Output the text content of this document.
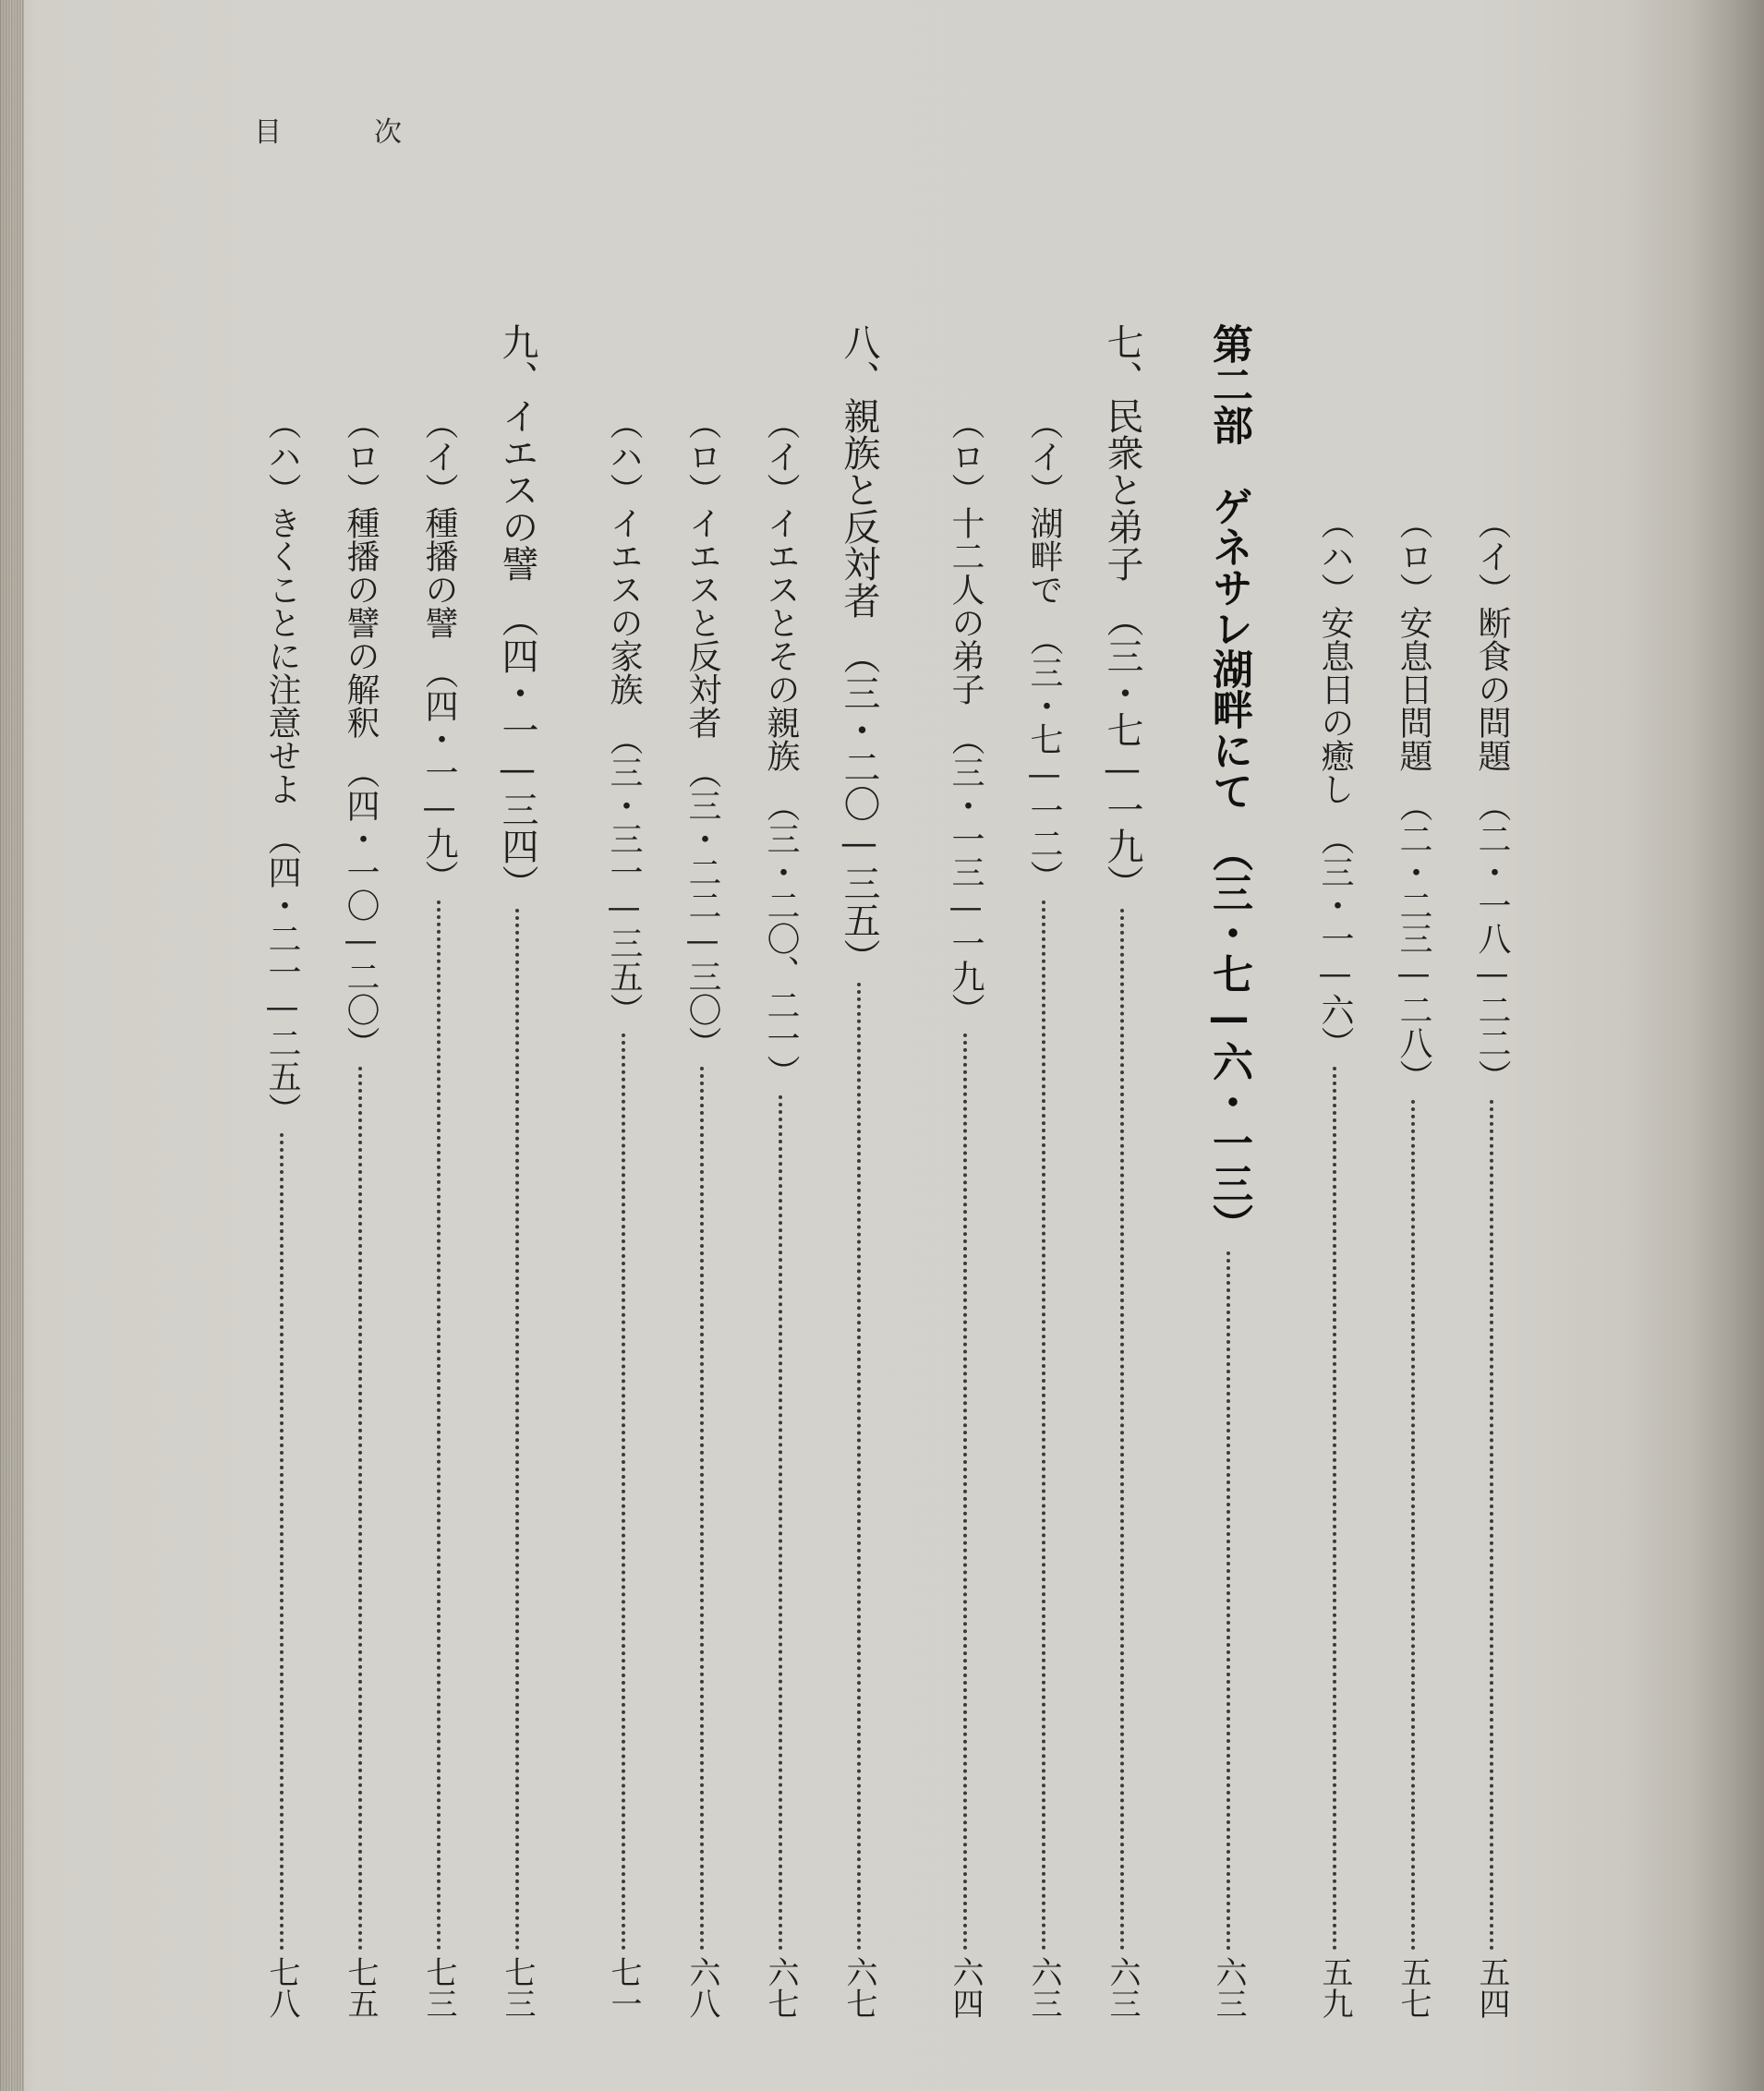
目	次
（イ）断食の問題　（二・一八—二二）
五四
（ロ）安息日問題　（二・二三—二八）
五七
（ハ）安息日の癒し　（三・一—六）
五九
第二部　ゲネサレ湖畔にて　（三・七—六・一三）
六三
七、民衆と弟子　（三・七—一九）
六三
（イ）湖畔で　（三・七—一二）
六三
（ロ）十二人の弟子　（三・一三—一九）
六四
八、親族と反対者　（三・二〇—三五）
六七
（イ）イエスとその親族　（三・二〇、二一）
六七
（ロ）イエスと反対者　（三・二二—三〇）
六八
（ハ）イエスの家族　（三・三一—三五）
七一
九、イエスの譬　（四・一—三四）
七三
（イ）種播の譬　（四・一—九）
七三
（ロ）種播の譬の解釈　（四・一〇—二〇）
七五
（ハ）きくことに注意せよ　（四・二一—二五）
七八
